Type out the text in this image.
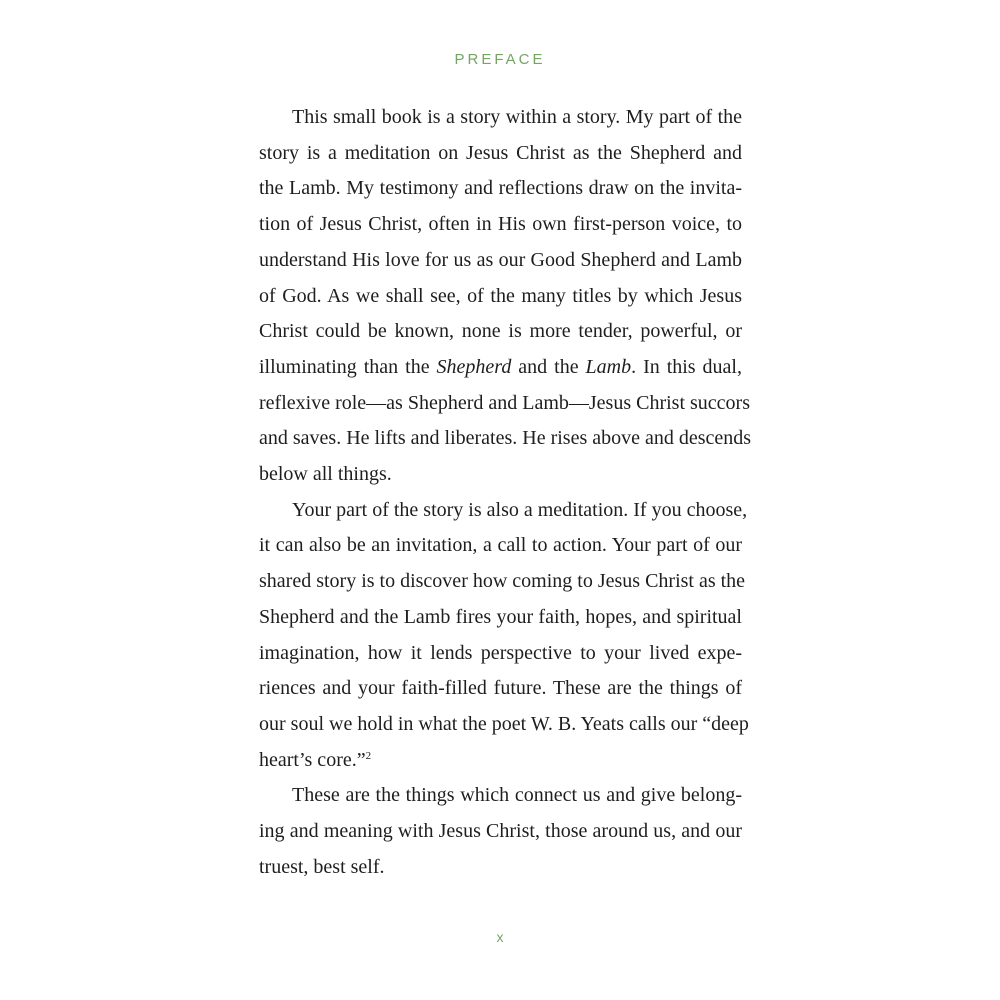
PREFACE

This small book is a story within a story. My part of the
story is a meditation on Jesus Christ as the Shepherd and
the Lamb. My testimony and reflections draw on the invita-
tion of Jesus Christ, often in His own first-person voice, to
understand His love for us as our Good Shepherd and Lamb
of God. As we shall see, of the many titles by which Jesus
Christ could be known, none is more tender, powerful, or
illuminating than the Shepherd and the Lamb. In this dual,
reflexive role—as Shepherd and Lamb—Jesus Christ succors
and saves. He lifts and liberates. He rises above and descends
below all things.

Your part of the story is also a meditation. If you choose,
it can also be an invitation, a call to action. Your part of our
shared story is to discover how coming to Jesus Christ as the
Shepherd and the Lamb fires your faith, hopes, and spiritual
imagination, how it lends perspective to your lived expe-
riences and your faith-filled future. These are the things of
our soul we hold in what the poet W. B. Yeats calls our “deep
heart’s core.”$^2$

These are the things which connect us and give belong-
ing and meaning with Jesus Christ, those around us, and our
truest, best self.

x
